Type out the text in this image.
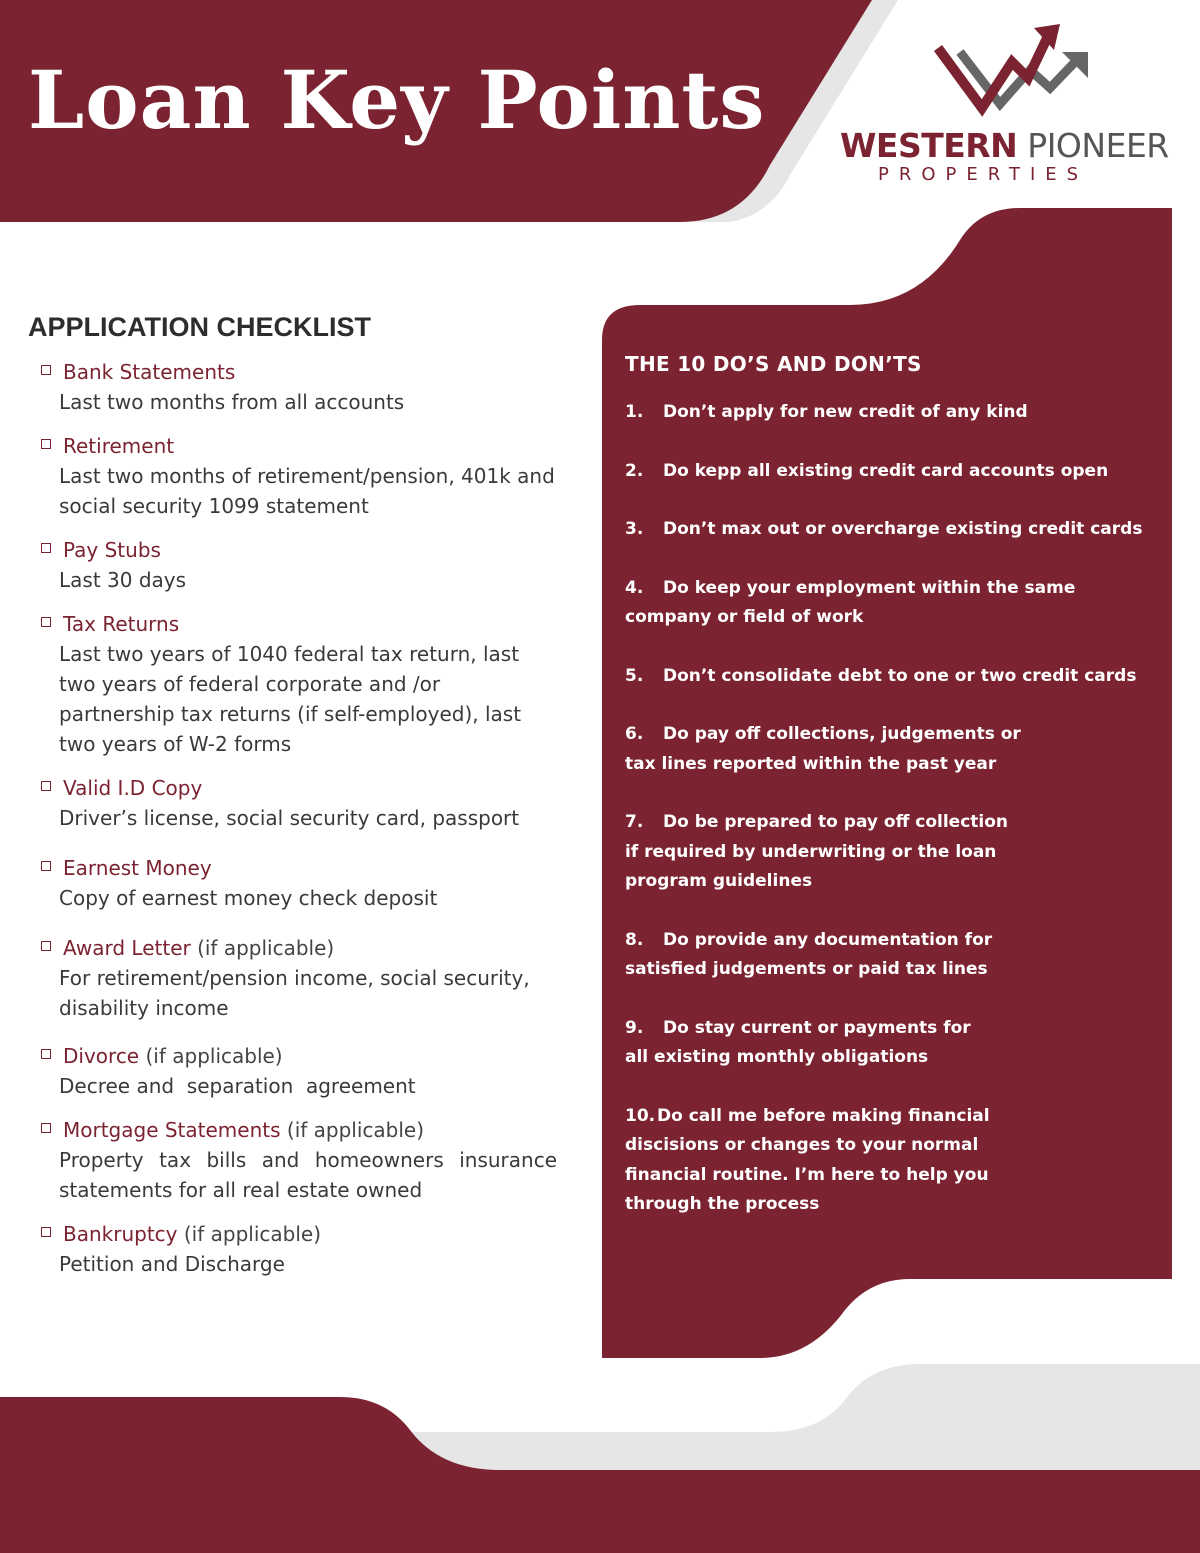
Loan Key Points WESTERN PIONEER
PROPERTIES
APPLICATION CHECKLIST
Bank Statements
Last two months from all accounts
Retirement
Last two months of retirement/pension, 401k and social security 1099 statement
Pay Stubs
Last 30 days
Tax Returns
Last two years of 1040 federal tax return, last two years of federal corporate and /or partnership tax returns (if self-employed), last two years of W-2 forms
Valid I.D Copy
Driver’s license, social security card, passport
Earnest Money
Copy of earnest money check deposit
Award Letter (if applicable)
For retirement/pension income, social security, disability income
Divorce (if applicable)
Decree and  separation  agreement
Mortgage Statements (if applicable)
Property tax bills and homeowners insurance statements for all real estate owned
Bankruptcy (if applicable)
Petition and Discharge
THE 10 DO’S AND DON’TS
1. Don’t apply for new credit of any kind
2. Do kepp all existing credit card accounts open
3. Don’t max out or overcharge existing credit cards
4. Do keep your employment within the same company or field of work
5. Don’t consolidate debt to one or two credit cards
6. Do pay off collections, judgements or tax lines reported within the past year
7. Do be prepared to pay off collection if required by underwriting or the loan program guidelines
8. Do provide any documentation for satisfied judgements or paid tax lines
9. Do stay current or payments for all existing monthly obligations
10. Do call me before making financial discisions or changes to your normal financial routine. I’m here to help you through the process
